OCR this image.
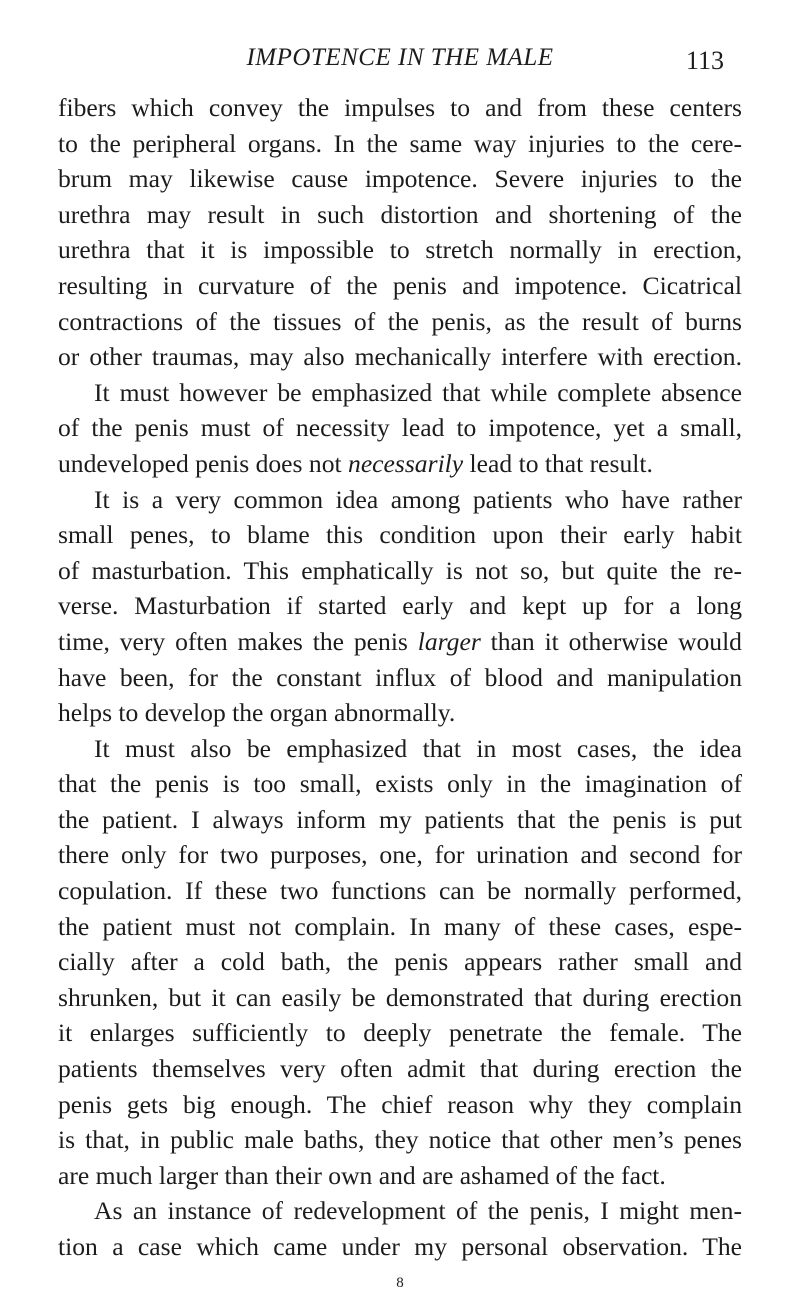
IMPOTENCE IN THE MALE	113
fibers which convey the impulses to and from these centers
to the peripheral organs. In the same way injuries to the cere-
brum may likewise cause impotence. Severe injuries to the
urethra may result in such distortion and shortening of the
urethra that it is impossible to stretch normally in erection,
resulting in curvature of the penis and impotence. Cicatrical
contractions of the tissues of the penis, as the result of burns
or other traumas, may also mechanically interfere with erection.
It must however be emphasized that while complete absence
of the penis must of necessity lead to impotence, yet a small,
undeveloped penis does not necessarily lead to that result.
It is a very common idea among patients who have rather
small penes, to blame this condition upon their early habit
of masturbation. This emphatically is not so, but quite the re-
verse. Masturbation if started early and kept up for a long
time, very often makes the penis larger than it otherwise would
have been, for the constant influx of blood and manipulation
helps to develop the organ abnormally.
It must also be emphasized that in most cases, the idea
that the penis is too small, exists only in the imagination of
the patient. I always inform my patients that the penis is put
there only for two purposes, one, for urination and second for
copulation. If these two functions can be normally performed,
the patient must not complain. In many of these cases, espe-
cially after a cold bath, the penis appears rather small and
shrunken, but it can easily be demonstrated that during erection
it enlarges sufficiently to deeply penetrate the female. The
patients themselves very often admit that during erection the
penis gets big enough. The chief reason why they complain
is that, in public male baths, they notice that other men’s penes
are much larger than their own and are ashamed of the fact.
As an instance of redevelopment of the penis, I might men-
tion a case which came under my personal observation. The
8
